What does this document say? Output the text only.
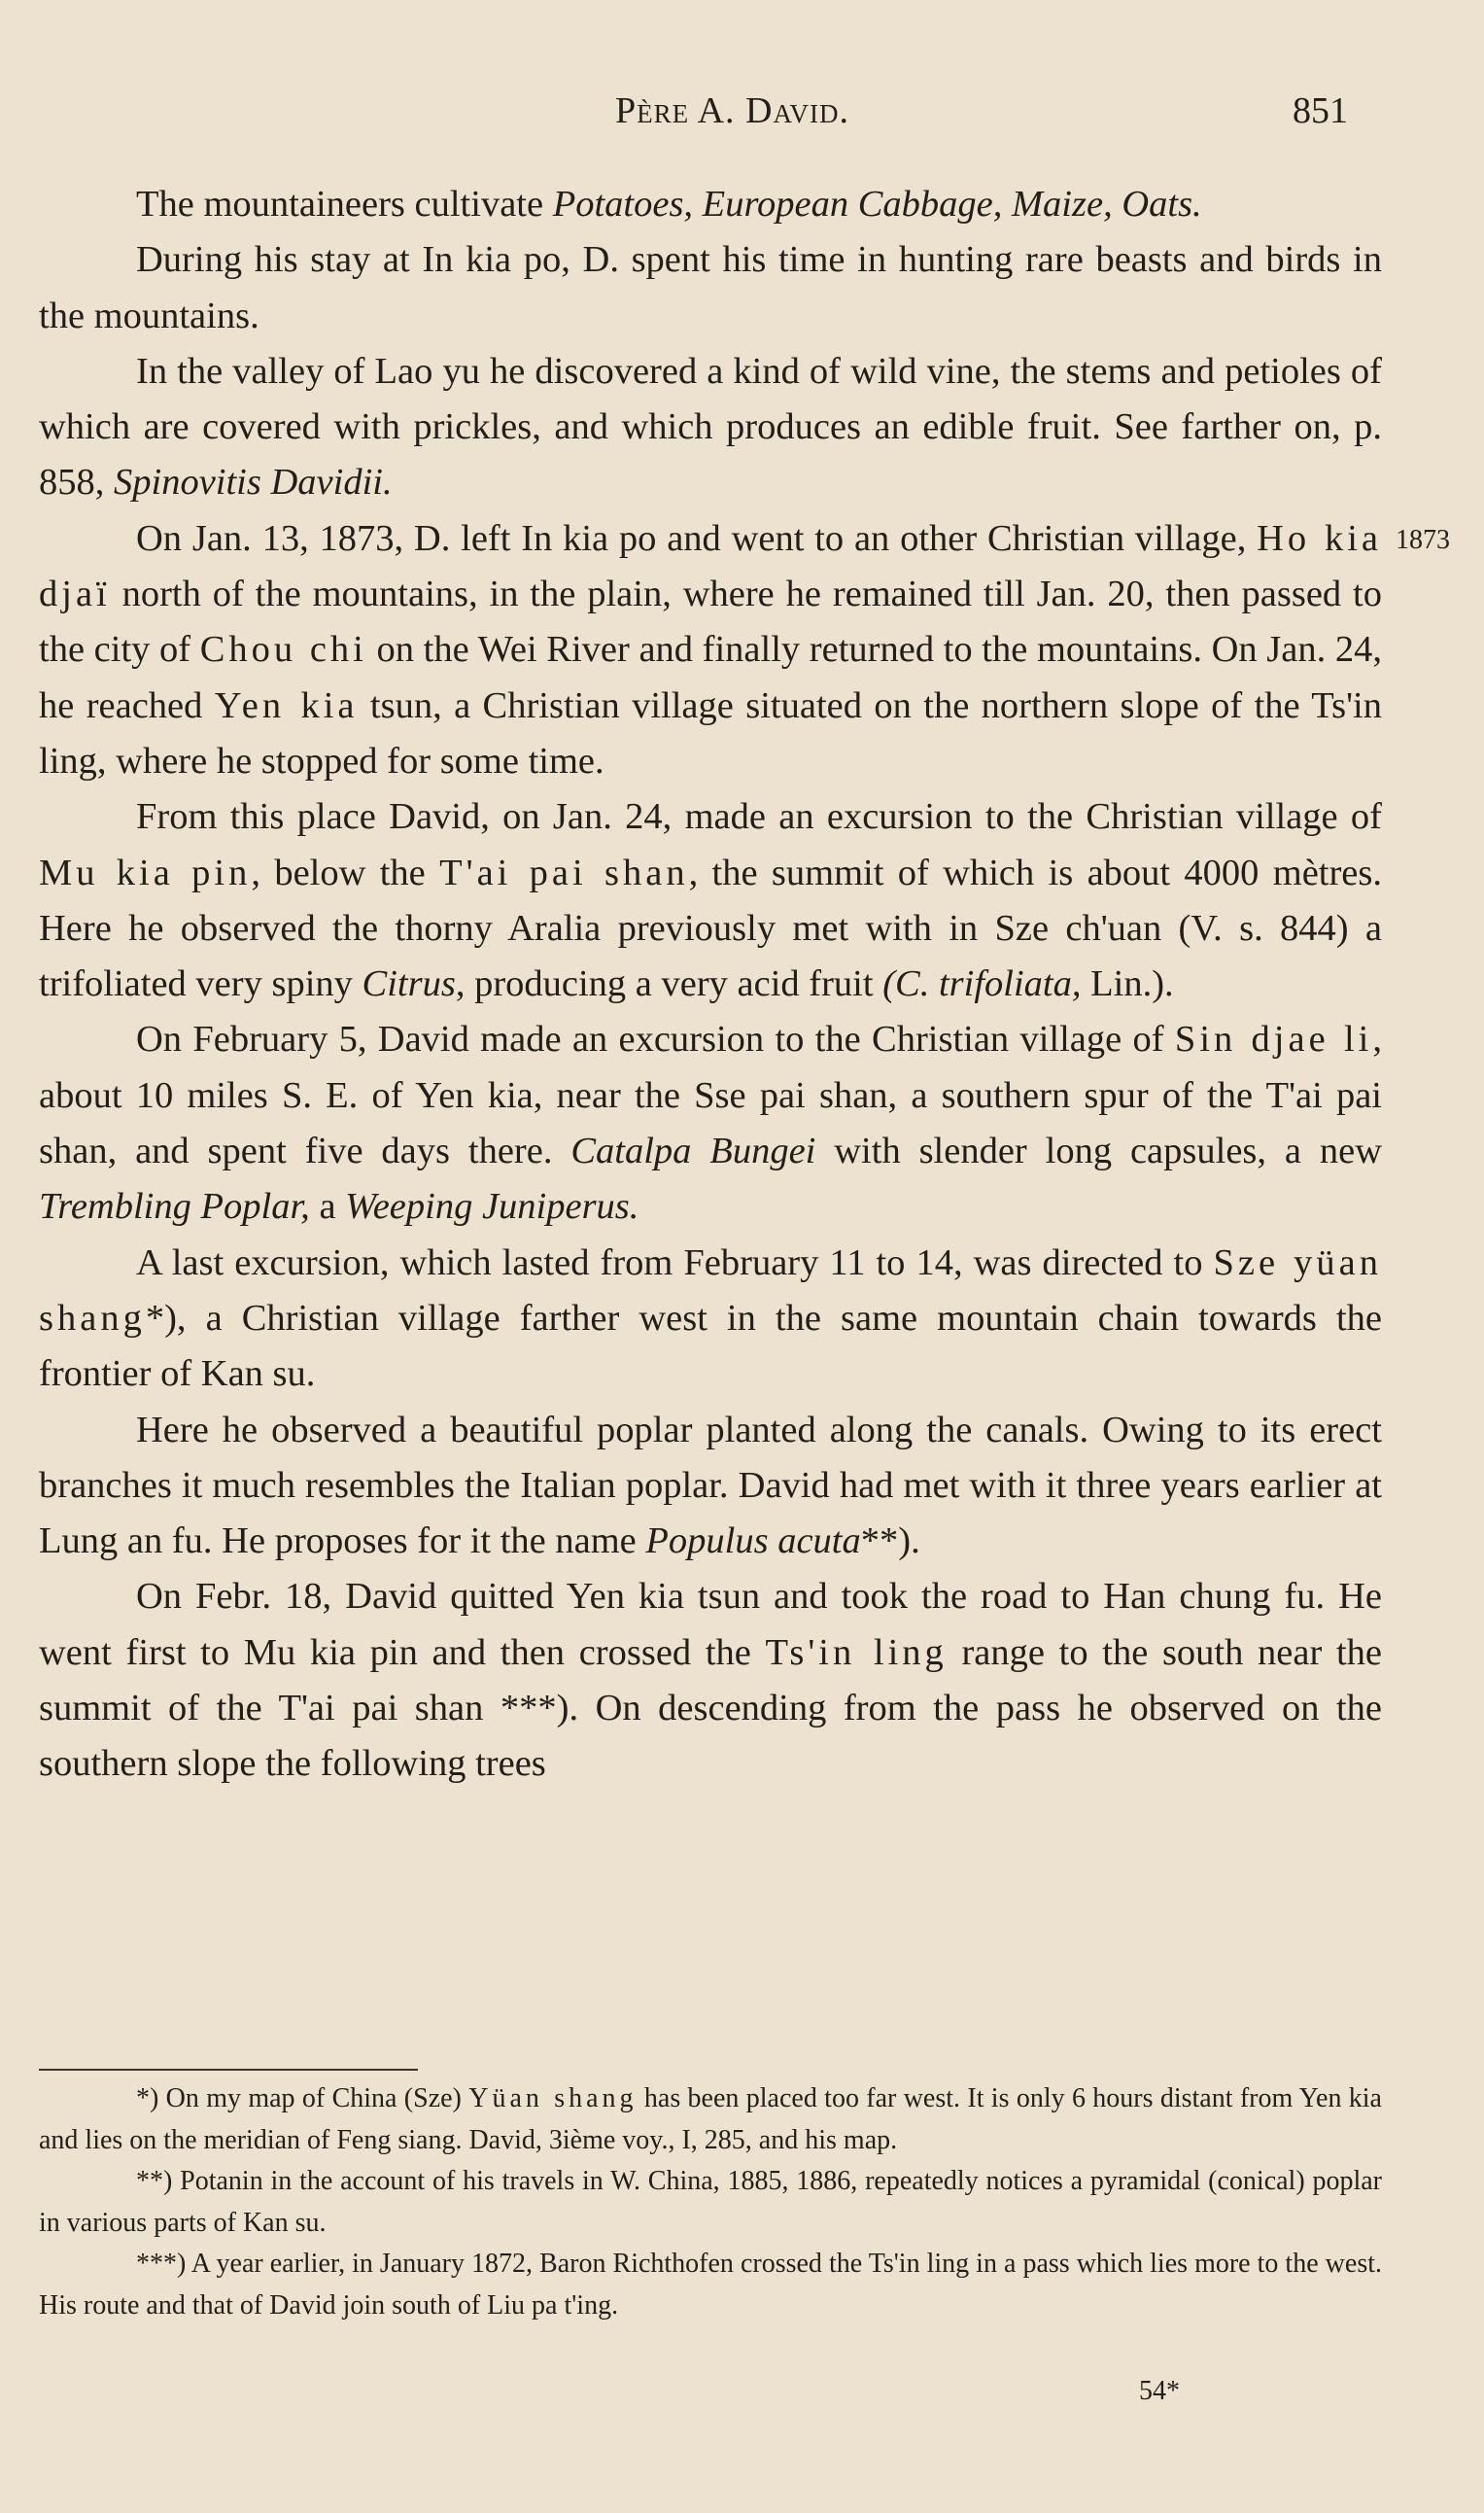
Père A. David.	851
1873

The mountaineers cultivate Potatoes, European Cabbage, Maize, Oats.

During his stay at In kia po, D. spent his time in hunting rare beasts and birds in the mountains.

In the valley of Lao yu he discovered a kind of wild vine, the stems and petioles of which are covered with prickles, and which produces an edible fruit. See farther on, p. 858, Spinovitis Davidii.

On Jan. 13, 1873, D. left In kia po and went to an other Christian village, Ho kia djaï north of the mountains, in the plain, where he remained till Jan. 20, then passed to the city of Chou chi on the Wei River and finally returned to the mountains. On Jan. 24, he reached Yen kia tsun, a Christian village situated on the northern slope of the Ts'in ling, where he stopped for some time.

From this place David, on Jan. 24, made an excursion to the Christian village of Mu kia pin, below the T'ai pai shan, the summit of which is about 4000 mètres. Here he observed the thorny Aralia previously met with in Sze ch'uan (V. s. 844) a trifoliated very spiny Citrus, producing a very acid fruit (C. trifoliata, Lin.).

On February 5, David made an excursion to the Christian village of Sin djae li, about 10 miles S. E. of Yen kia, near the Sse pai shan, a southern spur of the T'ai pai shan, and spent five days there. Catalpa Bungei with slender long capsules, a new Trembling Poplar, a Weeping Juniperus.

A last excursion, which lasted from February 11 to 14, was directed to Sze yüan shang*), a Christian village farther west in the same mountain chain towards the frontier of Kan su.

Here he observed a beautiful poplar planted along the canals. Owing to its erect branches it much resembles the Italian poplar. David had met with it three years earlier at Lung an fu. He proposes for it the name Populus acuta**).

On Febr. 18, David quitted Yen kia tsun and took the road to Han chung fu. He went first to Mu kia pin and then crossed the Ts'in ling range to the south near the summit of the T'ai pai shan ***). On descending from the pass he observed on the southern slope the following trees

*) On my map of China (Sze) Yüan shang has been placed too far west. It is only 6 hours distant from Yen kia and lies on the meridian of Feng siang. David, 3ième voy., I, 285, and his map.

**) Potanin in the account of his travels in W. China, 1885, 1886, repeatedly notices a pyramidal (conical) poplar in various parts of Kan su.

***) A year earlier, in January 1872, Baron Richthofen crossed the Ts'in ling in a pass which lies more to the west. His route and that of David join south of Liu pa t'ing.

54*
